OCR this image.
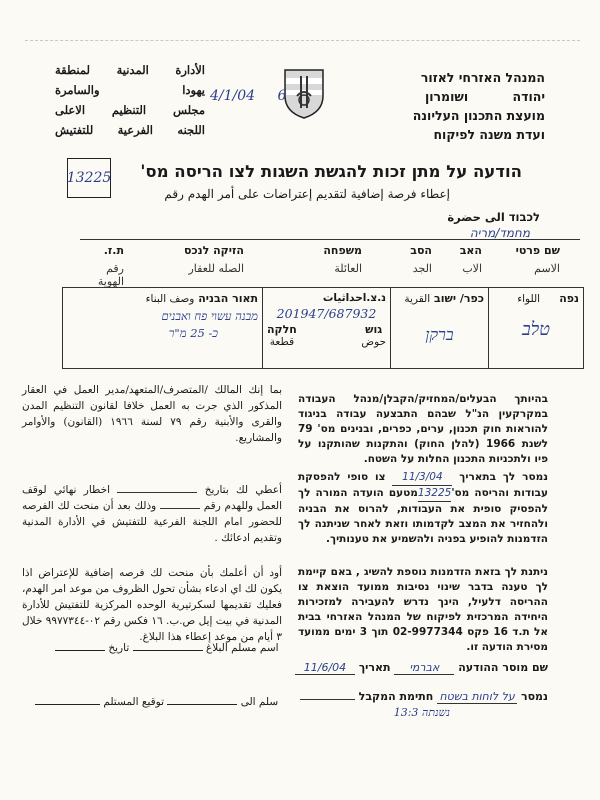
המנהל האזרחי לאזור
יהודה ושומרון
מועצת התכנון העליונה
ועדת משנה לפיקוח
4/1/04 6
الأدارة
المدنية
لمنطقة
يهودا
والسامرة
مجلس
التنظيم
الاعلى
اللجنه
الفرعية
للتفتيش
13225 הודעה על מתן זכות להגשת השגות לצו הריסה מס'
إعطاء فرصة إضافية لتقديم إعتراضات على أمر الهدم رقم
לכבוד الى حضرة
מחמד/מריה
שם פרטי
האב
הסב
משפחה
הזיקה לנכס
ת.ז.
الاسم
الاب
الجد
العائلة
الصله للعقار
رقم الهوية
נפה     اللواء
טלב
כפר/ ישוב القرية
ברקן
נ.צ.احداثيات
201947/687932
גוש
حوض
חלקה
قطعة
תאור הבניה وصف البناء
מבנה עשוי פח ואבנים
כ- 25 מ"ר
בהיותך הבעלים/המחזיק/הקבלן/מנהל העבודה במקרקעין הנ"ל שבהם התבצעה עבודה בניגוד להוראות חוק תכנון, ערים, כפרים, ובנינים מס' 79 לשנת 1966 (להלן החוק) והתקנות שהותקנו על פיו ולתכניות התכנון החלות על השטח.
נמסר לך בתאריך 11/3/04 צו סופי להפסקת עבודות והריסה מס'13225מטעם הועדה המורה לך להפסיק סופית את העבודות, להרוס את הבניה ולהחזיר את המצב לקדמותו וזאת לאחר שניתנה לך הזדמנות להופיע בפניה ולהשמיע את טענותיך.
ניתנת לך בזאת הזדמנות נוספת להשיג , באם קיימת לך טענה בדבר שינוי נסיבות ממועד הוצאת צו ההריסה דלעיל, הינך נדרש להעבירה למזכירות היחידה המרכזית לפיקוח של המנהל האזרחי בבית אל ת.ד 16 פקס 02-9977344 תוך 3 ימים ממועד מסירת הודעה זו.
שם מוסר ההודעה אברמי תאריך 11/6/04
נמסר על לוחות בשטח חתימת המקבל
נשנתה 13:3
بما إنك المالك /المتصرف/المتعهد/مدير العمل في العقار المذكور الذي جرت به العمل خلافا لقانون التنظيم المدن والقرى والأبنية رقم ٧٩ لسنة ١٩٦٦ (القانون) والأوامر والمشاريع.
أعطي لك بتاريخ  اخطار نهائي لوقف العمل وللهدم رقم  وذلك بعد أن منحت لك الفرصه للحضور امام اللجنة الفرعية للتفتيش في الأدارة المدنية وتقديم ادعائك .
أود أن أعلمك بأن منحت لك فرصه إضافية للإعتراض اذا يكون لك اي ادعاء بشأن تحول الظروف من موعد امر الهدم، فعليك تقديمها لسكرتيرية الوحده المركزية للتفتيش للأدارة المدنية في بيت إيل ص.ب. ١٦ فكس رقم ٠٢-٩٩٧٧٣٤٤ خلال ٣ أيام من موعد إعطاء هذا البلاغ.
اسم مسلم البلاغ  تاريخ
سلم الى  توقيع المستلم
